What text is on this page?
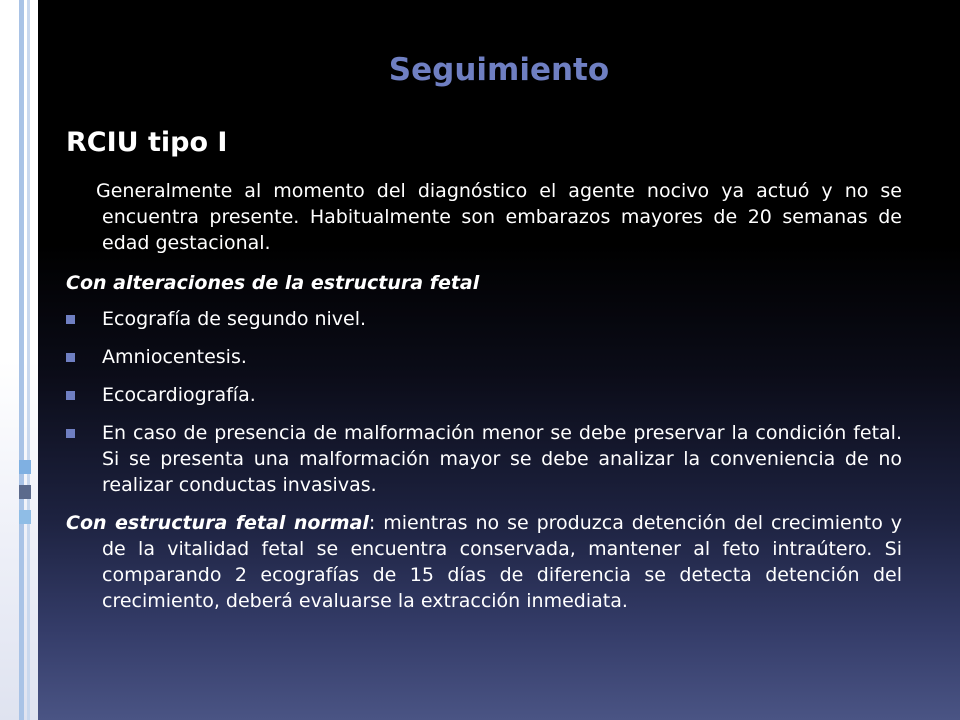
Seguimiento
RCIU tipo I

Generalmente al momento del diagnóstico el agente nocivo ya actuó y no se encuentra presente. Habitualmente son embarazos mayores de 20 semanas de edad gestacional.

Con alteraciones de la estructura fetal
Ecografía de segundo nivel.
Amniocentesis.
Ecocardiografía.
En caso de presencia de malformación menor se debe preservar la condición fetal. Si se presenta una malformación mayor se debe analizar la conveniencia de no realizar conductas invasivas.

Con estructura fetal normal: mientras no se produzca detención del crecimiento y de la vitalidad fetal se encuentra conservada, mantener al feto intraútero. Si comparando 2 ecografías de 15 días de diferencia se detecta detención del crecimiento, deberá evaluarse la extracción inmediata.
